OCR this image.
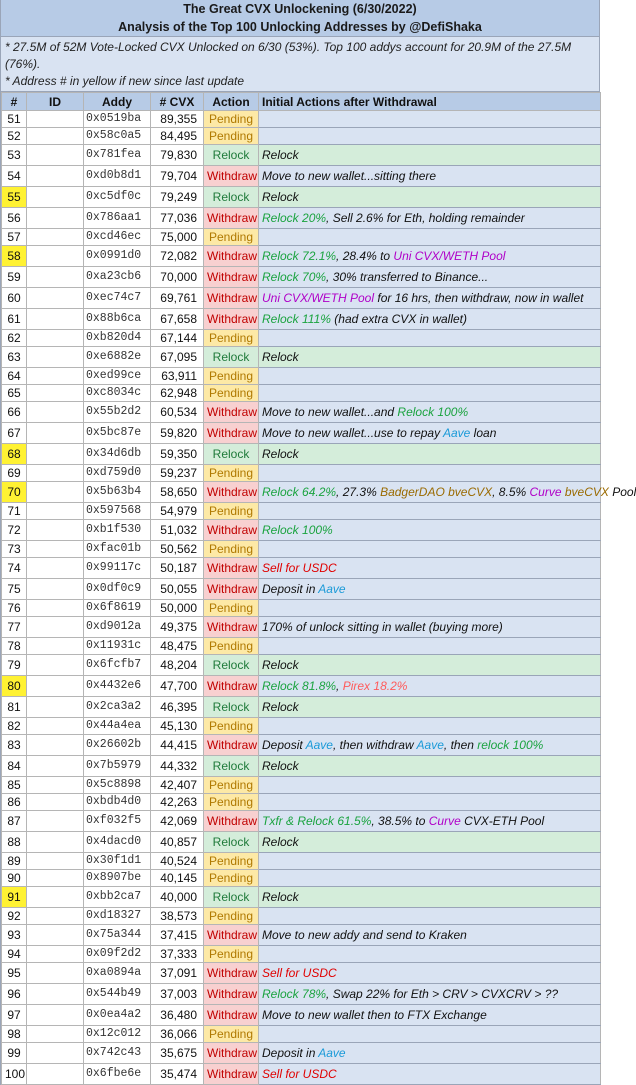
The Great CVX Unlockening (6/30/2022)
Analysis of the Top 100 Unlocking Addresses by @DefiShaka
* 27.5M of 52M Vote-Locked CVX Unlocked on 6/30 (53%). Top 100 addys account for 20.9M of the 27.5M (76%).
* Address # in yellow if new since last update
#	ID	Addy	# CVX	Action	Initial Actions after Withdrawal
51		0x0519ba	89,355	Pending	
52		0x58c0a5	84,495	Pending	
53		0x781fea	79,830	Relock	Relock
54		0xd0b8d1	79,704	Withdraw	Move to new wallet...sitting there
55		0xc5df0c	79,249	Relock	Relock
56		0x786aa1	77,036	Withdraw	Relock 20%, Sell 2.6% for Eth, holding remainder
57		0xcd46ec	75,000	Pending	
58		0x0991d0	72,082	Withdraw	Relock 72.1%, 28.4% to Uni CVX/WETH Pool
59		0xa23cb6	70,000	Withdraw	Relock 70%, 30% transferred to Binance...
60		0xec74c7	69,761	Withdraw	Uni CVX/WETH Pool for 16 hrs, then withdraw, now in wallet
61		0x88b6ca	67,658	Withdraw	Relock 111% (had extra CVX in wallet)
62		0xb820d4	67,144	Pending	
63		0xe6882e	67,095	Relock	Relock
64		0xed99ce	63,911	Pending	
65		0xc8034c	62,948	Pending	
66		0x55b2d2	60,534	Withdraw	Move to new wallet...and Relock 100%
67		0x5bc87e	59,820	Withdraw	Move to new wallet...use to repay Aave loan
68		0x34d6db	59,350	Relock	Relock
69		0xd759d0	59,237	Pending	
70		0x5b63b4	58,650	Withdraw	Relock 64.2%, 27.3% BadgerDAO bveCVX, 8.5% Curve bveCVX Pool
71		0x597568	54,979	Pending	
72		0xb1f530	51,032	Withdraw	Relock 100%
73		0xfac01b	50,562	Pending	
74		0x99117c	50,187	Withdraw	Sell for USDC
75		0x0df0c9	50,055	Withdraw	Deposit in Aave
76		0x6f8619	50,000	Pending	
77		0xd9012a	49,375	Withdraw	170% of unlock sitting in wallet (buying more)
78		0x11931c	48,475	Pending	
79		0x6fcfb7	48,204	Relock	Relock
80		0x4432e6	47,700	Withdraw	Relock 81.8%, Pirex 18.2%
81		0x2ca3a2	46,395	Relock	Relock
82		0x44a4ea	45,130	Pending	
83		0x26602b	44,415	Withdraw	Deposit Aave, then withdraw Aave, then relock 100%
84		0x7b5979	44,332	Relock	Relock
85		0x5c8898	42,407	Pending	
86		0xbdb4d0	42,263	Pending	
87		0xf032f5	42,069	Withdraw	Txfr & Relock 61.5%, 38.5% to Curve CVX-ETH Pool
88		0x4dacd0	40,857	Relock	Relock
89		0x30f1d1	40,524	Pending	
90		0x8907be	40,145	Pending	
91		0xbb2ca7	40,000	Relock	Relock
92		0xd18327	38,573	Pending	
93		0x75a344	37,415	Withdraw	Move to new addy and send to Kraken
94		0x09f2d2	37,333	Pending	
95		0xa0894a	37,091	Withdraw	Sell for USDC
96		0x544b49	37,003	Withdraw	Relock 78%, Swap 22% for Eth > CRV > CVXCRV > ??
97		0x0ea4a2	36,480	Withdraw	Move to new wallet then to FTX Exchange
98		0x12c012	36,066	Pending	
99		0x742c43	35,675	Withdraw	Deposit in Aave
100		0x6fbe6e	35,474	Withdraw	Sell for USDC
